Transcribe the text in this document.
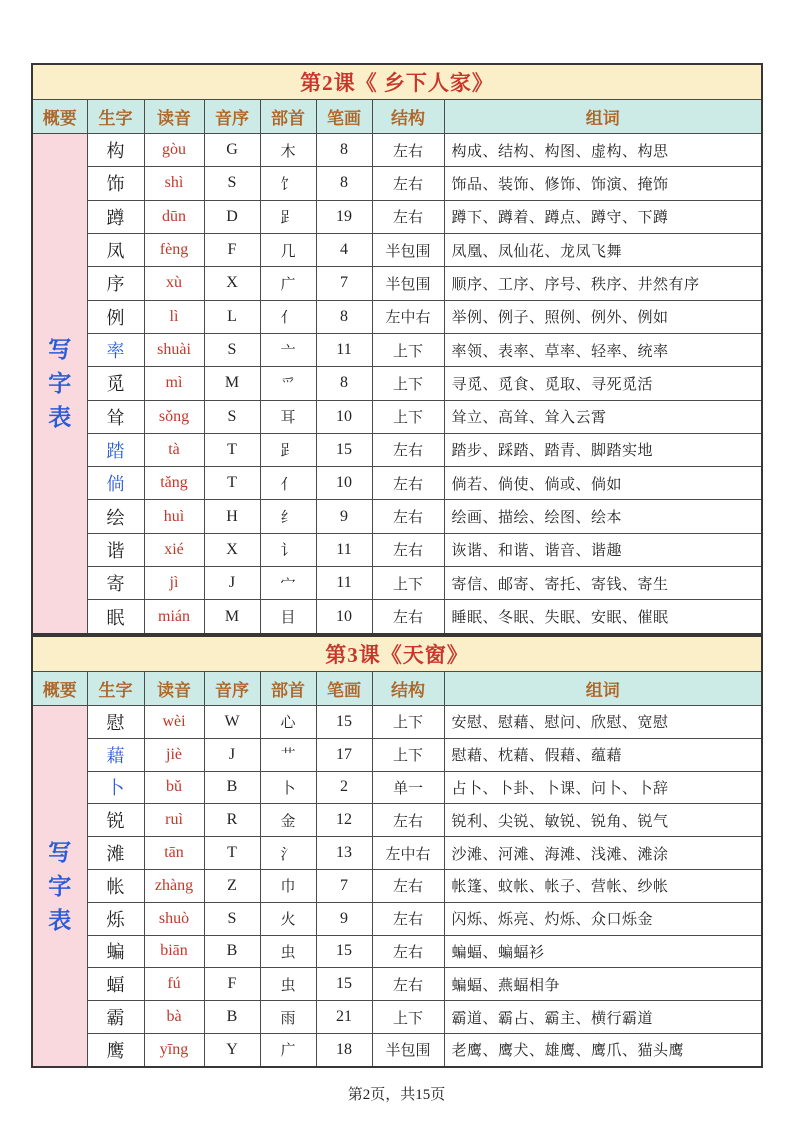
第2课《 乡下人家》							
概要	生字	读音	音序	部首	笔画	结构	组词

写
字
表	构	gòu	G	木	8	左右	构成、结构、构图、虚构、构思
	饰	shì	S	饣	8	左右	饰品、装饰、修饰、饰演、掩饰
	蹲	dūn	D	𧾷	19	左右	蹲下、蹲着、蹲点、蹲守、下蹲
	凤	fèng	F	几	4	半包围	凤凰、凤仙花、龙凤飞舞
	序	xù	X	广	7	半包围	顺序、工序、序号、秩序、井然有序
	例	lì	L	亻	8	左中右	举例、例子、照例、例外、例如
	率	shuài	S	亠	11	上下	率领、表率、草率、轻率、统率
	觅	mì	M	爫	8	上下	寻觅、觅食、觅取、寻死觅活
	耸	sǒng	S	耳	10	上下	耸立、高耸、耸入云霄
	踏	tà	T	𧾷	15	左右	踏步、踩踏、踏青、脚踏实地
	倘	tǎng	T	亻	10	左右	倘若、倘使、倘或、倘如
	绘	huì	H	纟	9	左右	绘画、描绘、绘图、绘本
	谐	xié	X	讠	11	左右	诙谐、和谐、谐音、谐趣
	寄	jì	J	宀	11	上下	寄信、邮寄、寄托、寄钱、寄生
	眠	mián	M	目	10	左右	睡眠、冬眠、失眠、安眠、催眠
第3课《天窗》							
概要	生字	读音	音序	部首	笔画	结构	组词

写
字
表	慰	wèi	W	心	15	上下	安慰、慰藉、慰问、欣慰、宽慰
	藉	jiè	J	艹	17	上下	慰藉、枕藉、假藉、蕴藉
	卜	bǔ	B	卜	2	单一	占卜、卜卦、卜课、问卜、卜辞
	锐	ruì	R	金	12	左右	锐利、尖锐、敏锐、锐角、锐气
	滩	tān	T	氵	13	左中右	沙滩、河滩、海滩、浅滩、滩涂
	帐	zhàng	Z	巾	7	左右	帐篷、蚊帐、帐子、营帐、纱帐
	烁	shuò	S	火	9	左右	闪烁、烁亮、灼烁、众口烁金
	蝙	biān	B	虫	15	左右	蝙蝠、蝙蝠衫
	蝠	fú	F	虫	15	左右	蝙蝠、燕蝠相争
	霸	bà	B	雨	21	上下	霸道、霸占、霸主、横行霸道
	鹰	yīng	Y	广	18	半包围	老鹰、鹰犬、雄鹰、鹰爪、猫头鹰
第2页，共15页
